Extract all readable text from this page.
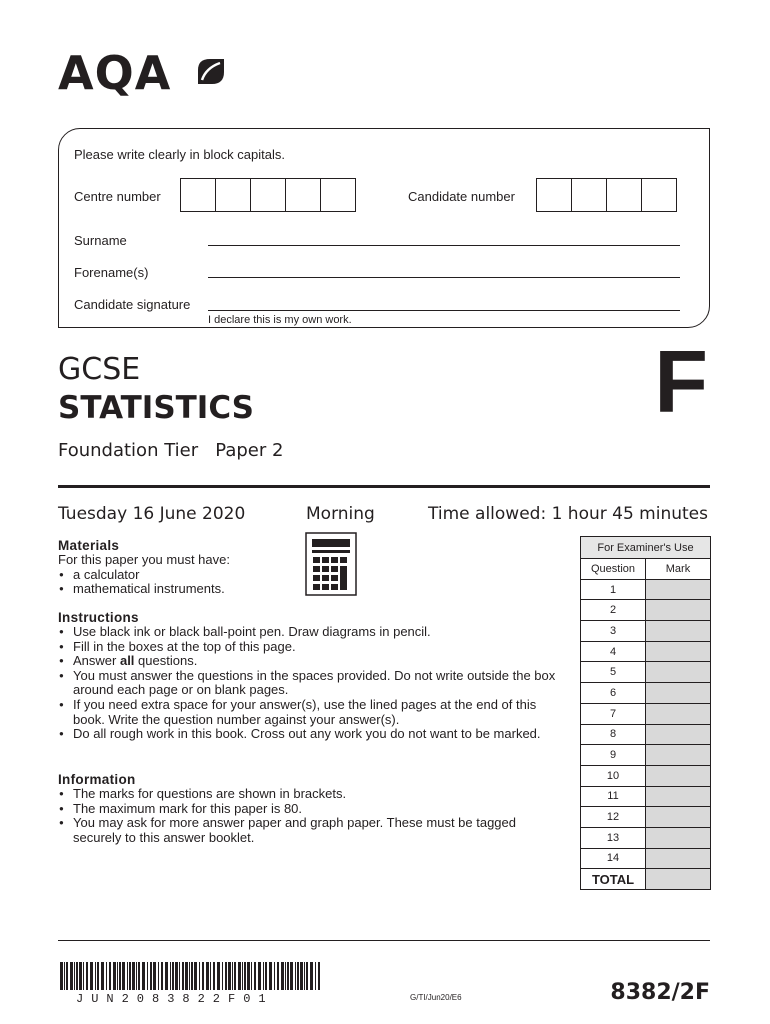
AQA
Please write clearly in block capitals.
Centre number	Candidate number
Surname
Forename(s)
Candidate signature
I declare this is my own work.
GCSE
STATISTICS
Foundation Tier Paper 2
F
Tuesday 16 June 2020	Morning	Time allowed: 1 hour 45 minutes
Materials
For this paper you must have:
● a calculator
● mathematical instruments.
Instructions
● Use black ink or black ball-point pen. Draw diagrams in pencil.
● Fill in the boxes at the top of this page.
● Answer all questions.
● You must answer the questions in the spaces provided. Do not write outside the box around each page or on blank pages.
● If you need extra space for your answer(s), use the lined pages at the end of this book. Write the question number against your answer(s).
● Do all rough work in this book. Cross out any work you do not want to be marked.
Information
● The marks for questions are shown in brackets.
● The maximum mark for this paper is 80.
● You may ask for more answer paper and graph paper. These must be tagged securely to this answer booklet.
For Examiner's Use	
Question	Mark
1	
2	
3	
4	
5	
6	
7	
8	
9	
10	
11	
12	
13	
14	
TOTAL	
JUN2083822F01	G/TI/Jun20/E6	8382/2F
